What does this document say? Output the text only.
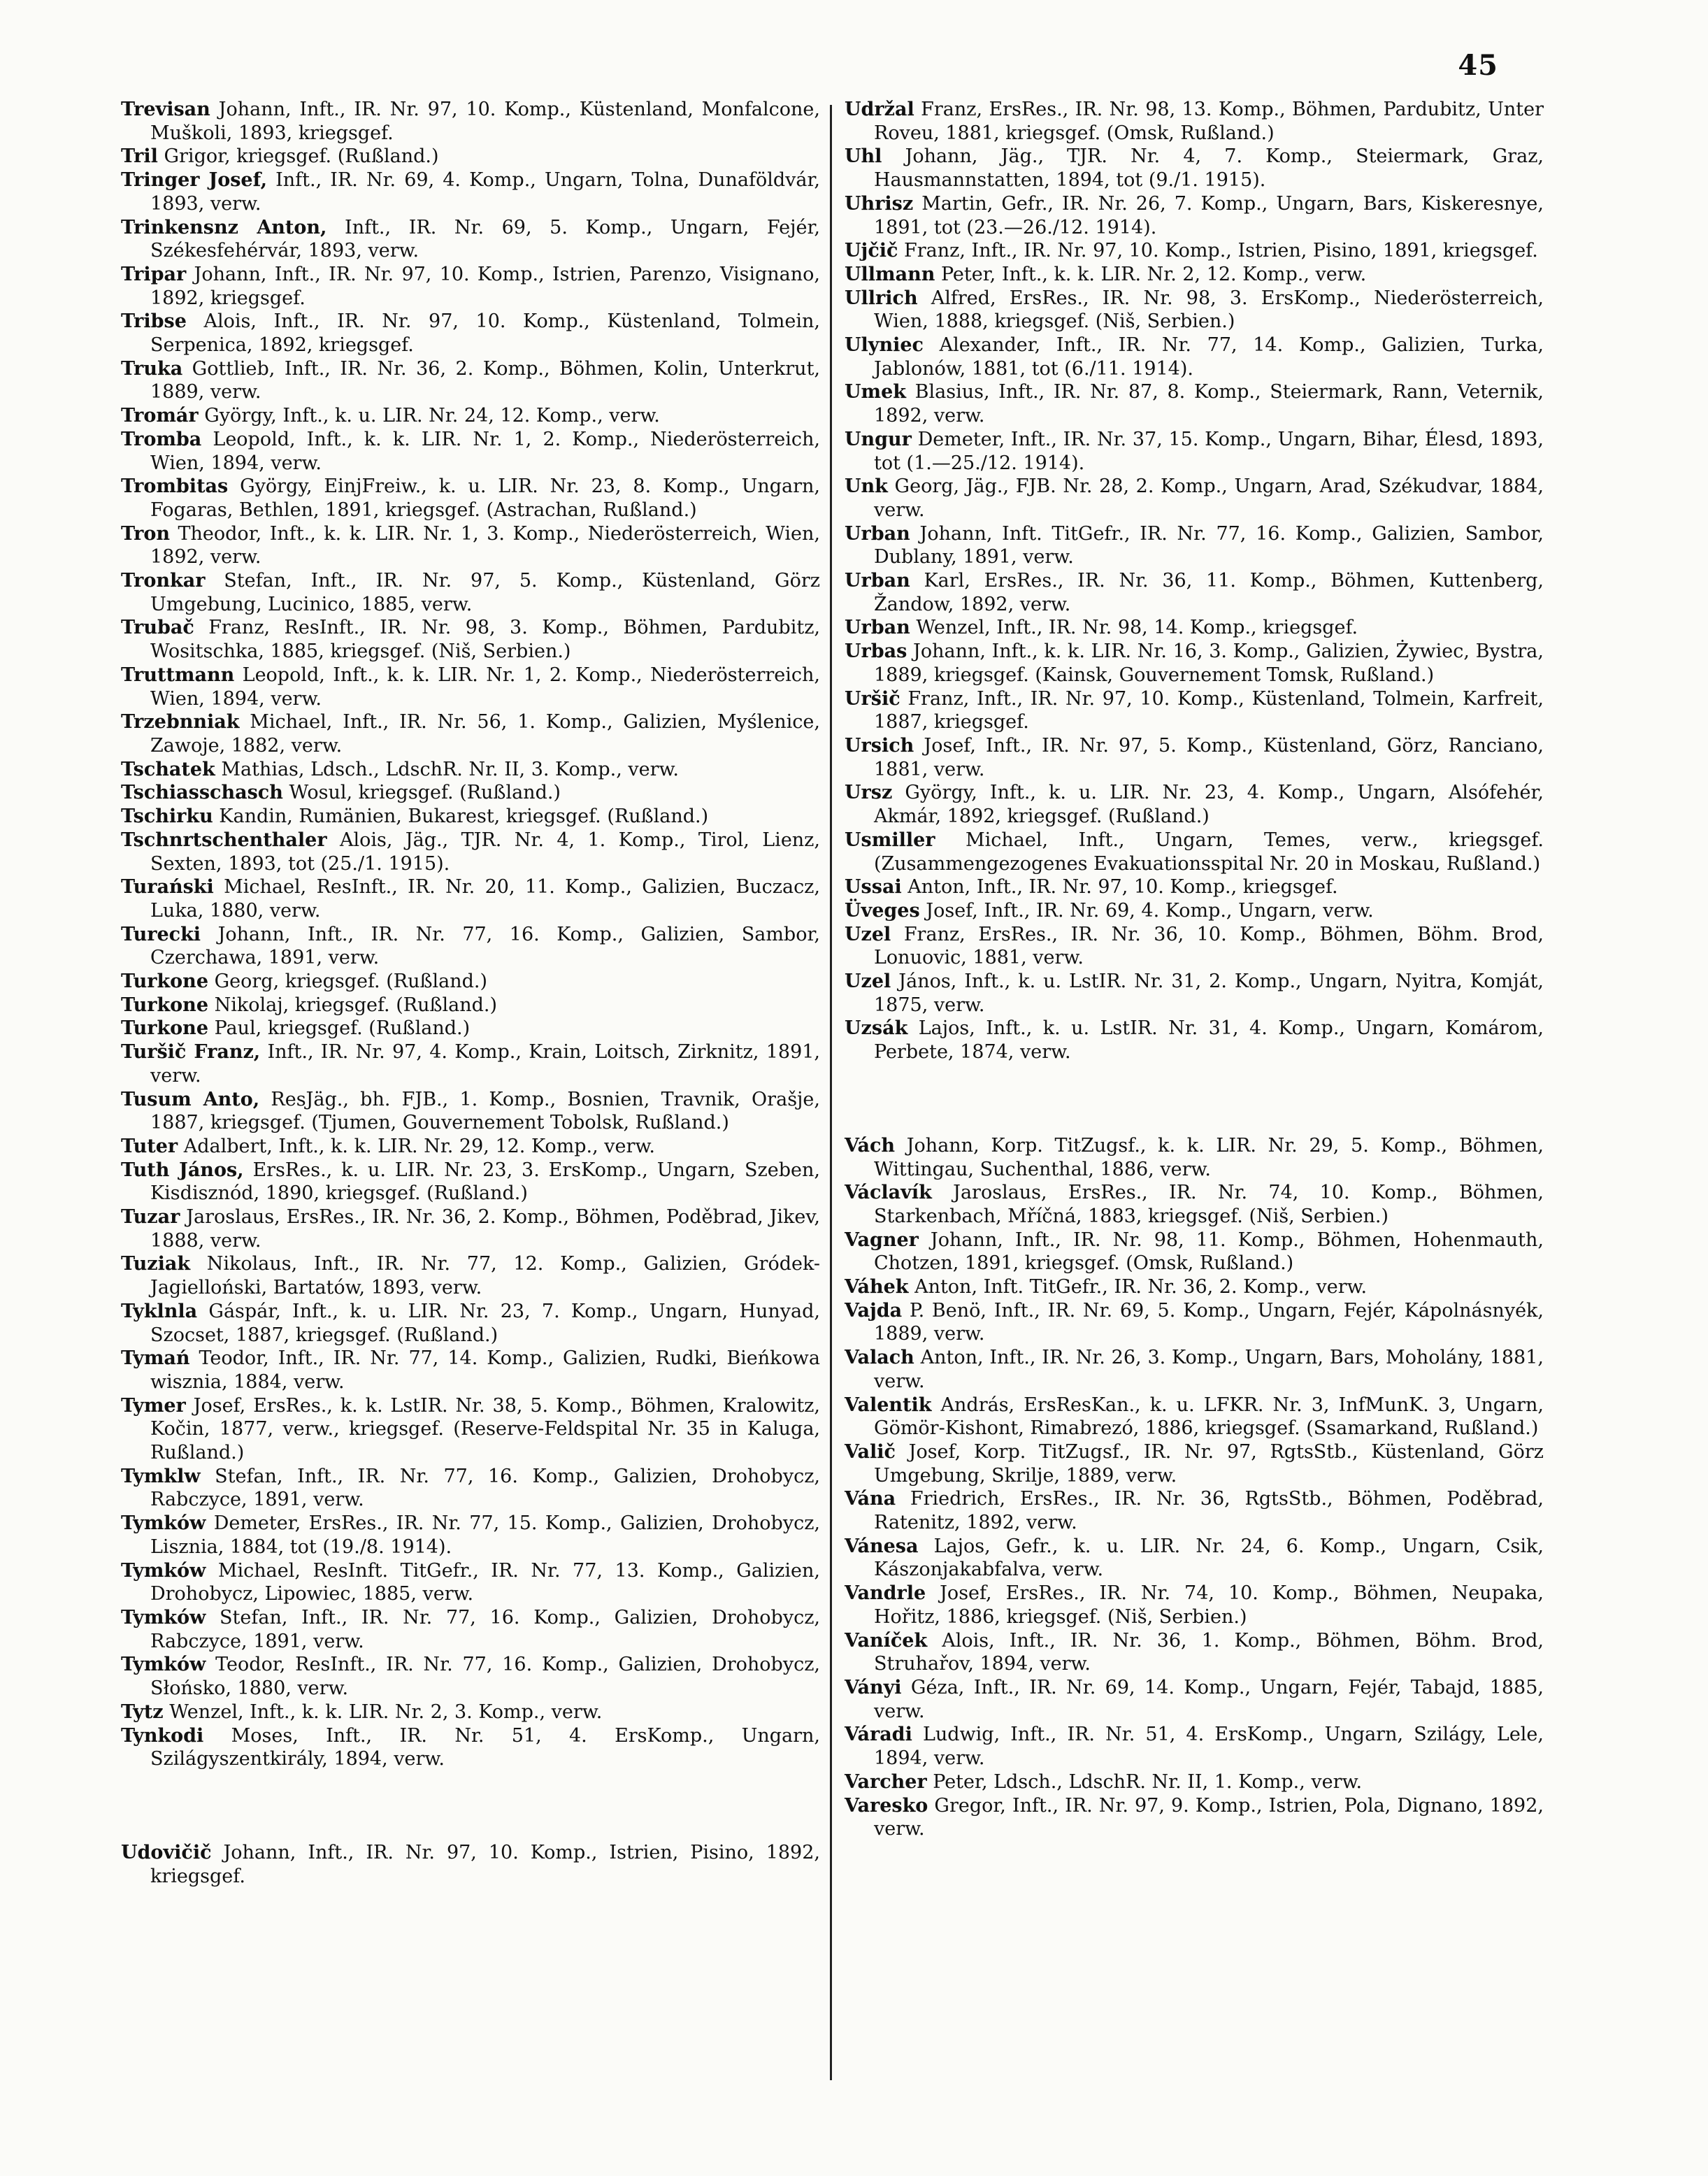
45

Trevisan Johann, Inft., IR. Nr. 97, 10. Komp., Küstenland, Monfalcone, Muškoli, 1893, kriegsgef.

Tril Grigor, kriegsgef. (Rußland.)

Tringer Josef, Inft., IR. Nr. 69, 4. Komp., Ungarn, Tolna, Dunaföldvár, 1893, verw.

Trinkensnz Anton, Inft., IR. Nr. 69, 5. Komp., Ungarn, Fejér, Székesfehérvár, 1893, verw.

Tripar Johann, Inft., IR. Nr. 97, 10. Komp., Istrien, Parenzo, Visignano, 1892, kriegsgef.

Tribse Alois, Inft., IR. Nr. 97, 10. Komp., Küstenland, Tolmein, Serpenica, 1892, kriegsgef.

Truka Gottlieb, Inft., IR. Nr. 36, 2. Komp., Böhmen, Kolin, Unterkrut, 1889, verw.

Tromár György, Inft., k. u. LIR. Nr. 24, 12. Komp., verw.

Tromba Leopold, Inft., k. k. LIR. Nr. 1, 2. Komp., Niederösterreich, Wien, 1894, verw.

Trombitas György, EinjFreiw., k. u. LIR. Nr. 23, 8. Komp., Ungarn, Fogaras, Bethlen, 1891, kriegsgef. (Astrachan, Rußland.)

Tron Theodor, Inft., k. k. LIR. Nr. 1, 3. Komp., Niederösterreich, Wien, 1892, verw.

Tronkar Stefan, Inft., IR. Nr. 97, 5. Komp., Küstenland, Görz Umgebung, Lucinico, 1885, verw.

Trubač Franz, ResInft., IR. Nr. 98, 3. Komp., Böhmen, Pardubitz, Wositschka, 1885, kriegsgef. (Niš, Serbien.)

Truttmann Leopold, Inft., k. k. LIR. Nr. 1, 2. Komp., Niederösterreich, Wien, 1894, verw.

Trzebnniak Michael, Inft., IR. Nr. 56, 1. Komp., Galizien, Myślenice, Zawoje, 1882, verw.

Tschatek Mathias, Ldsch., LdschR. Nr. II, 3. Komp., verw.

Tschiasschasch Wosul, kriegsgef. (Rußland.)

Tschirku Kandin, Rumänien, Bukarest, kriegsgef. (Rußland.)

Tschnrtschenthaler Alois, Jäg., TJR. Nr. 4, 1. Komp., Tirol, Lienz, Sexten, 1893, tot (25./1. 1915).

Turański Michael, ResInft., IR. Nr. 20, 11. Komp., Galizien, Buczacz, Luka, 1880, verw.

Turecki Johann, Inft., IR. Nr. 77, 16. Komp., Galizien, Sambor, Czerchawa, 1891, verw.

Turkone Georg, kriegsgef. (Rußland.)

Turkone Nikolaj, kriegsgef. (Rußland.)

Turkone Paul, kriegsgef. (Rußland.)

Turšič Franz, Inft., IR. Nr. 97, 4. Komp., Krain, Loitsch, Zirknitz, 1891, verw.

Tusum Anto, ResJäg., bh. FJB., 1. Komp., Bosnien, Travnik, Orašje, 1887, kriegsgef. (Tjumen, Gouvernement Tobolsk, Rußland.)

Tuter Adalbert, Inft., k. k. LIR. Nr. 29, 12. Komp., verw.

Tuth János, ErsRes., k. u. LIR. Nr. 23, 3. ErsKomp., Ungarn, Szeben, Kisdisznód, 1890, kriegsgef. (Rußland.)

Tuzar Jaroslaus, ErsRes., IR. Nr. 36, 2. Komp., Böhmen, Poděbrad, Jikev, 1888, verw.

Tuziak Nikolaus, Inft., IR. Nr. 77, 12. Komp., Galizien, Gródek-Jagielloński, Bartatów, 1893, verw.

Tyklnla Gáspár, Inft., k. u. LIR. Nr. 23, 7. Komp., Ungarn, Hunyad, Szocset, 1887, kriegsgef. (Rußland.)

Tymań Teodor, Inft., IR. Nr. 77, 14. Komp., Galizien, Rudki, Bieńkowa wisznia, 1884, verw.

Tymer Josef, ErsRes., k. k. LstIR. Nr. 38, 5. Komp., Böhmen, Kralowitz, Kočin, 1877, verw., kriegsgef. (Reserve-Feldspital Nr. 35 in Kaluga, Rußland.)

Tymklw Stefan, Inft., IR. Nr. 77, 16. Komp., Galizien, Drohobycz, Rabczyce, 1891, verw.

Tymków Demeter, ErsRes., IR. Nr. 77, 15. Komp., Galizien, Drohobycz, Lisznia, 1884, tot (19./8. 1914).

Tymków Michael, ResInft. TitGefr., IR. Nr. 77, 13. Komp., Galizien, Drohobycz, Lipowiec, 1885, verw.

Tymków Stefan, Inft., IR. Nr. 77, 16. Komp., Galizien, Drohobycz, Rabczyce, 1891, verw.

Tymków Teodor, ResInft., IR. Nr. 77, 16. Komp., Galizien, Drohobycz, Słońsko, 1880, verw.

Tytz Wenzel, Inft., k. k. LIR. Nr. 2, 3. Komp., verw.

Tynkodi Moses, Inft., IR. Nr. 51, 4. ErsKomp., Ungarn, Szilágyszentkirály, 1894, verw.

Udovičič Johann, Inft., IR. Nr. 97, 10. Komp., Istrien, Pisino, 1892, kriegsgef.

Udržal Franz, ErsRes., IR. Nr. 98, 13. Komp., Böhmen, Pardubitz, Unter Roveu, 1881, kriegsgef. (Omsk, Rußland.)

Uhl Johann, Jäg., TJR. Nr. 4, 7. Komp., Steiermark, Graz, Hausmannstatten, 1894, tot (9./1. 1915).

Uhrisz Martin, Gefr., IR. Nr. 26, 7. Komp., Ungarn, Bars, Kiskeresnye, 1891, tot (23.—26./12. 1914).

Ujčič Franz, Inft., IR. Nr. 97, 10. Komp., Istrien, Pisino, 1891, kriegsgef.

Ullmann Peter, Inft., k. k. LIR. Nr. 2, 12. Komp., verw.

Ullrich Alfred, ErsRes., IR. Nr. 98, 3. ErsKomp., Niederösterreich, Wien, 1888, kriegsgef. (Niš, Serbien.)

Ulyniec Alexander, Inft., IR. Nr. 77, 14. Komp., Galizien, Turka, Jablonów, 1881, tot (6./11. 1914).

Umek Blasius, Inft., IR. Nr. 87, 8. Komp., Steiermark, Rann, Veternik, 1892, verw.

Ungur Demeter, Inft., IR. Nr. 37, 15. Komp., Ungarn, Bihar, Élesd, 1893, tot (1.—25./12. 1914).

Unk Georg, Jäg., FJB. Nr. 28, 2. Komp., Ungarn, Arad, Székudvar, 1884, verw.

Urban Johann, Inft. TitGefr., IR. Nr. 77, 16. Komp., Galizien, Sambor, Dublany, 1891, verw.

Urban Karl, ErsRes., IR. Nr. 36, 11. Komp., Böhmen, Kuttenberg, Žandow, 1892, verw.

Urban Wenzel, Inft., IR. Nr. 98, 14. Komp., kriegsgef.

Urbas Johann, Inft., k. k. LIR. Nr. 16, 3. Komp., Galizien, Żywiec, Bystra, 1889, kriegsgef. (Kainsk, Gouvernement Tomsk, Rußland.)

Uršič Franz, Inft., IR. Nr. 97, 10. Komp., Küstenland, Tolmein, Karfreit, 1887, kriegsgef.

Ursich Josef, Inft., IR. Nr. 97, 5. Komp., Küstenland, Görz, Ranciano, 1881, verw.

Ursz György, Inft., k. u. LIR. Nr. 23, 4. Komp., Ungarn, Alsófehér, Akmár, 1892, kriegsgef. (Rußland.)

Usmiller Michael, Inft., Ungarn, Temes, verw., kriegsgef. (Zusammengezogenes Evakuationsspital Nr. 20 in Moskau, Rußland.)

Ussai Anton, Inft., IR. Nr. 97, 10. Komp., kriegsgef.

Üveges Josef, Inft., IR. Nr. 69, 4. Komp., Ungarn, verw.

Uzel Franz, ErsRes., IR. Nr. 36, 10. Komp., Böhmen, Böhm. Brod, Lonuovic, 1881, verw.

Uzel János, Inft., k. u. LstIR. Nr. 31, 2. Komp., Ungarn, Nyitra, Komját, 1875, verw.

Uzsák Lajos, Inft., k. u. LstIR. Nr. 31, 4. Komp., Ungarn, Komárom, Perbete, 1874, verw.

Vách Johann, Korp. TitZugsf., k. k. LIR. Nr. 29, 5. Komp., Böhmen, Wittingau, Suchenthal, 1886, verw.

Václavík Jaroslaus, ErsRes., IR. Nr. 74, 10. Komp., Böhmen, Starkenbach, Mříčná, 1883, kriegsgef. (Niš, Serbien.)

Vagner Johann, Inft., IR. Nr. 98, 11. Komp., Böhmen, Hohenmauth, Chotzen, 1891, kriegsgef. (Omsk, Rußland.)

Váhek Anton, Inft. TitGefr., IR. Nr. 36, 2. Komp., verw.

Vajda P. Benö, Inft., IR. Nr. 69, 5. Komp., Ungarn, Fejér, Kápolnásnyék, 1889, verw.

Valach Anton, Inft., IR. Nr. 26, 3. Komp., Ungarn, Bars, Moholány, 1881, verw.

Valentik András, ErsResKan., k. u. LFKR. Nr. 3, InfMunK. 3, Ungarn, Gömör-Kishont, Rimabrezó, 1886, kriegsgef. (Ssamarkand, Rußland.)

Valič Josef, Korp. TitZugsf., IR. Nr. 97, RgtsStb., Küstenland, Görz Umgebung, Skrilje, 1889, verw.

Vána Friedrich, ErsRes., IR. Nr. 36, RgtsStb., Böhmen, Poděbrad, Ratenitz, 1892, verw.

Vánesa Lajos, Gefr., k. u. LIR. Nr. 24, 6. Komp., Ungarn, Csik, Kászonjakabfalva, verw.

Vandrle Josef, ErsRes., IR. Nr. 74, 10. Komp., Böhmen, Neupaka, Hořitz, 1886, kriegsgef. (Niš, Serbien.)

Vaníček Alois, Inft., IR. Nr. 36, 1. Komp., Böhmen, Böhm. Brod, Struhařov, 1894, verw.

Ványi Géza, Inft., IR. Nr. 69, 14. Komp., Ungarn, Fejér, Tabajd, 1885, verw.

Váradi Ludwig, Inft., IR. Nr. 51, 4. ErsKomp., Ungarn, Szilágy, Lele, 1894, verw.

Varcher Peter, Ldsch., LdschR. Nr. II, 1. Komp., verw.

Varesko Gregor, Inft., IR. Nr. 97, 9. Komp., Istrien, Pola, Dignano, 1892, verw.
